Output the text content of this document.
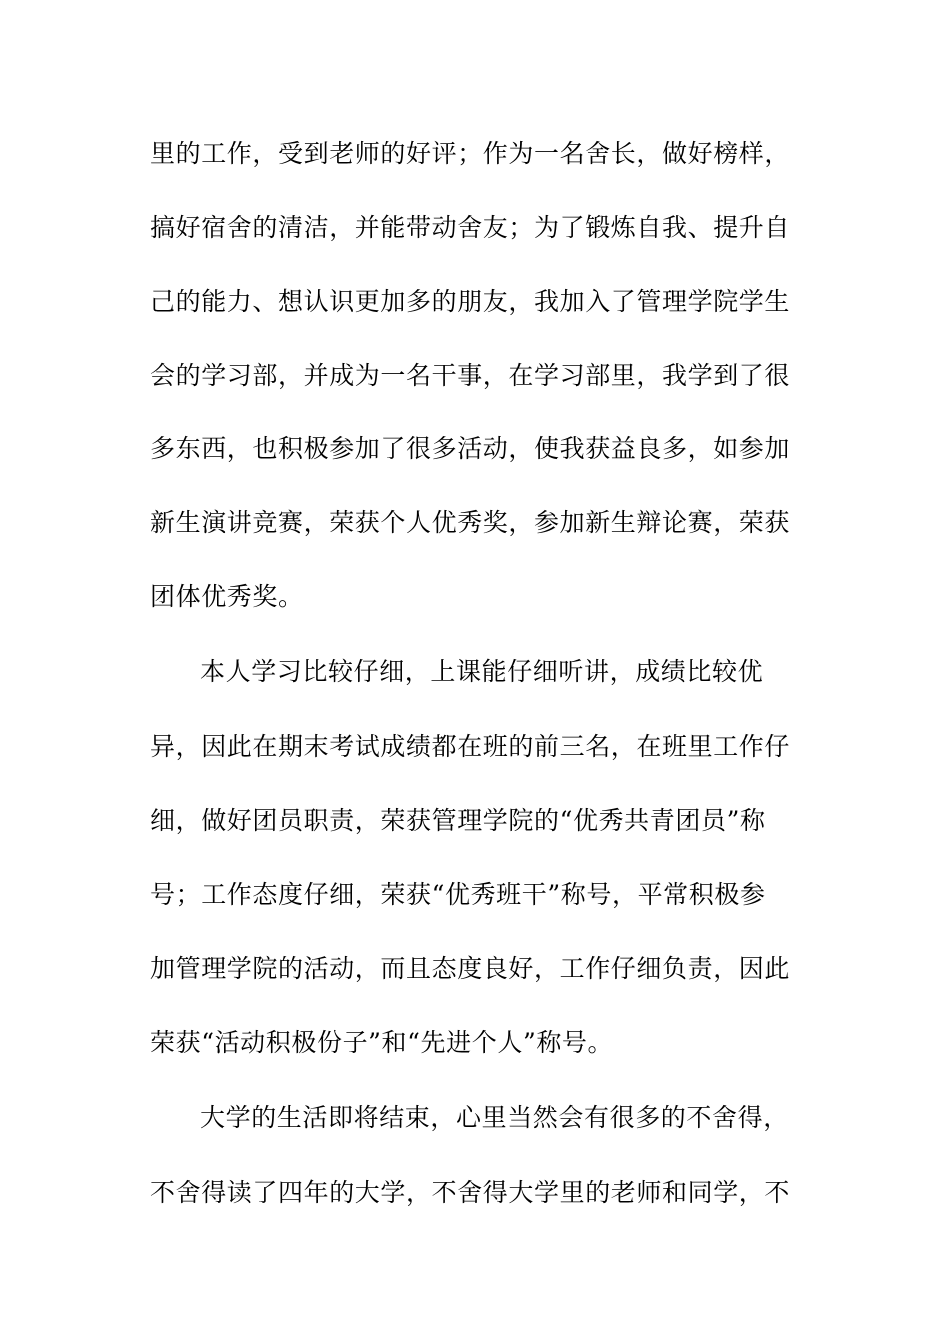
里的工作，受到老师的好评；作为一名舍长，做好榜样，
搞好宿舍的清洁，并能带动舍友；为了锻炼自我、提升自
己的能力、想认识更加多的朋友，我加入了管理学院学生
会的学习部，并成为一名干事，在学习部里，我学到了很
多东西，也积极参加了很多活动，使我获益良多，如参加
新生演讲竞赛，荣获个人优秀奖，参加新生辩论赛，荣获
团体优秀奖。
本人学习比较仔细，上课能仔细听讲，成绩比较优
异，因此在期末考试成绩都在班的前三名，在班里工作仔
细，做好团员职责，荣获管理学院的“优秀共青团员”称
号；工作态度仔细，荣获“优秀班干”称号，平常积极参
加管理学院的活动，而且态度良好，工作仔细负责，因此
荣获“活动积极份子”和“先进个人”称号。
大学的生活即将结束，心里当然会有很多的不舍得，
不舍得读了四年的大学，不舍得大学里的老师和同学，不
